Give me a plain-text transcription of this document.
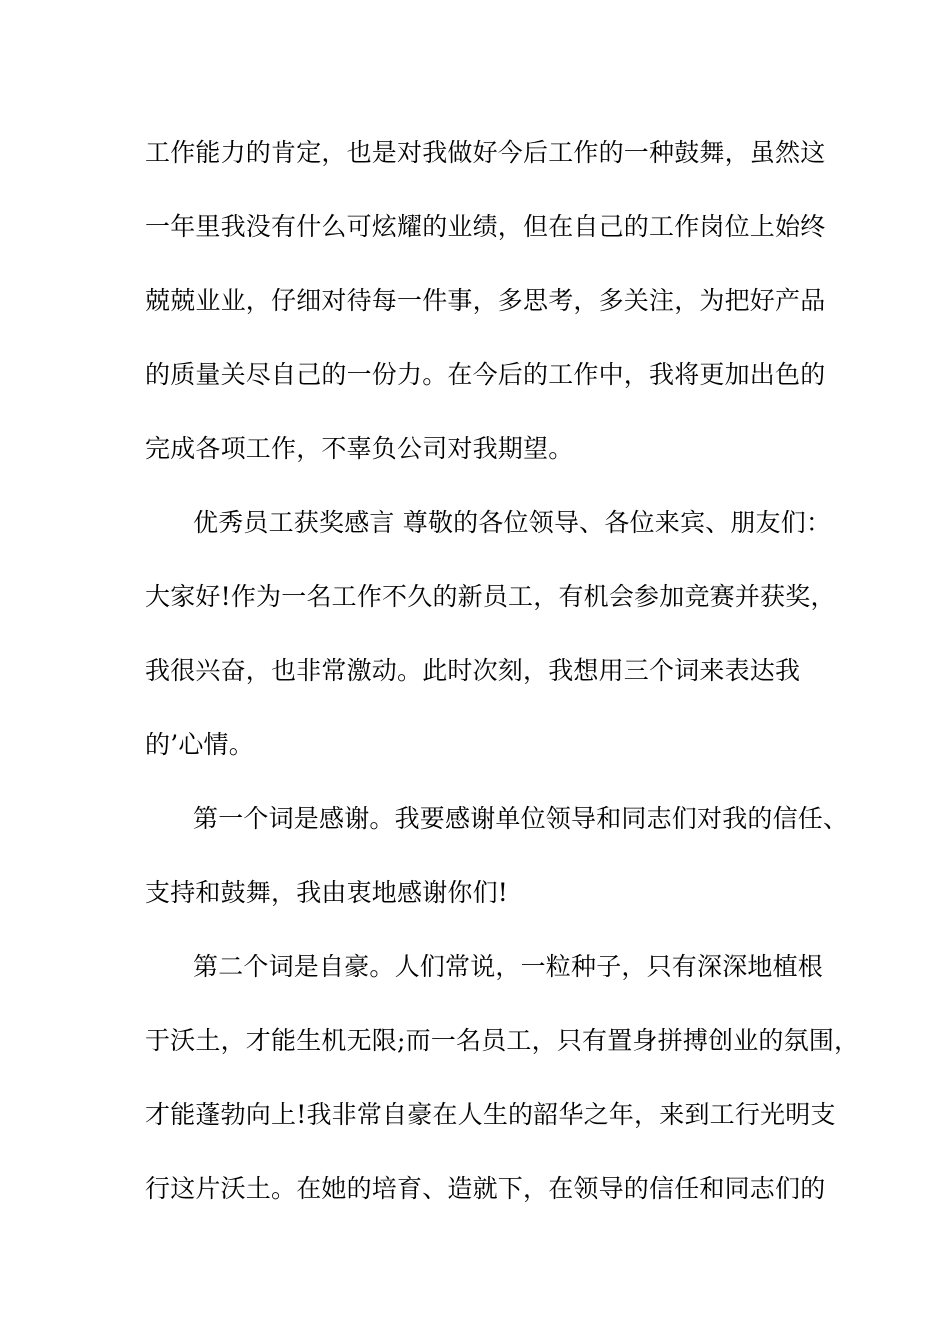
工作能力的肯定，也是对我做好今后工作的一种鼓舞，虽然这
一年里我没有什么可炫耀的业绩，但在自己的工作岗位上始终
兢兢业业，仔细对待每一件事，多思考，多关注，为把好产品
的质量关尽自己的一份力。在今后的工作中，我将更加出色的
完成各项工作，不辜负公司对我期望。
优秀员工获奖感言 尊敬的各位领导、各位来宾、朋友们：
大家好!作为一名工作不久的新员工，有机会参加竞赛并获奖，
我很兴奋，也非常激动。此时次刻，我想用三个词来表达我
的’心情。
第一个词是感谢。我要感谢单位领导和同志们对我的信任、
支持和鼓舞，我由衷地感谢你们!
第二个词是自豪。人们常说，一粒种子，只有深深地植根
于沃土，才能生机无限;而一名员工，只有置身拼搏创业的氛围，
才能蓬勃向上!我非常自豪在人生的韶华之年，来到工行光明支
行这片沃土。在她的培育、造就下，在领导的信任和同志们的
